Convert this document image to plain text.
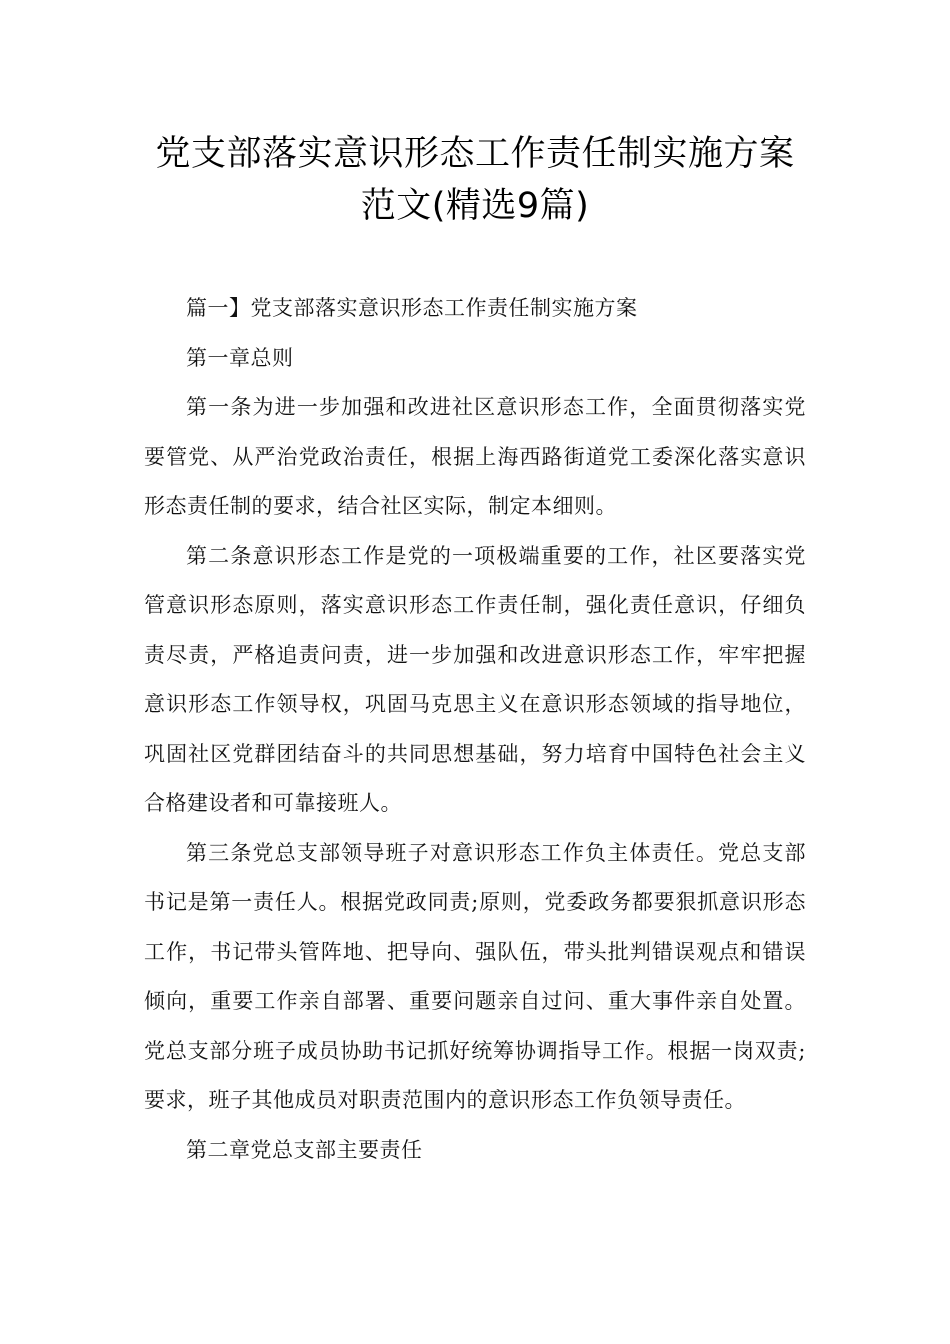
党支部落实意识形态工作责任制实施方案范文(精选9篇)

篇一】党支部落实意识形态工作责任制实施方案

第一章总则

第一条为进一步加强和改进社区意识形态工作，全面贯彻落实党要管党、从严治党政治责任，根据上海西路街道党工委深化落实意识形态责任制的要求，结合社区实际，制定本细则。

第二条意识形态工作是党的一项极端重要的工作，社区要落实党管意识形态原则，落实意识形态工作责任制，强化责任意识，仔细负责尽责，严格追责问责，进一步加强和改进意识形态工作，牢牢把握意识形态工作领导权，巩固马克思主义在意识形态领域的指导地位，巩固社区党群团结奋斗的共同思想基础，努力培育中国特色社会主义合格建设者和可靠接班人。

第三条党总支部领导班子对意识形态工作负主体责任。党总支部书记是第一责任人。根据党政同责;原则，党委政务都要狠抓意识形态工作，书记带头管阵地、把导向、强队伍，带头批判错误观点和错误倾向，重要工作亲自部署、重要问题亲自过问、重大事件亲自处置。党总支部分班子成员协助书记抓好统筹协调指导工作。根据一岗双责;要求，班子其他成员对职责范围内的意识形态工作负领导责任。

第二章党总支部主要责任
